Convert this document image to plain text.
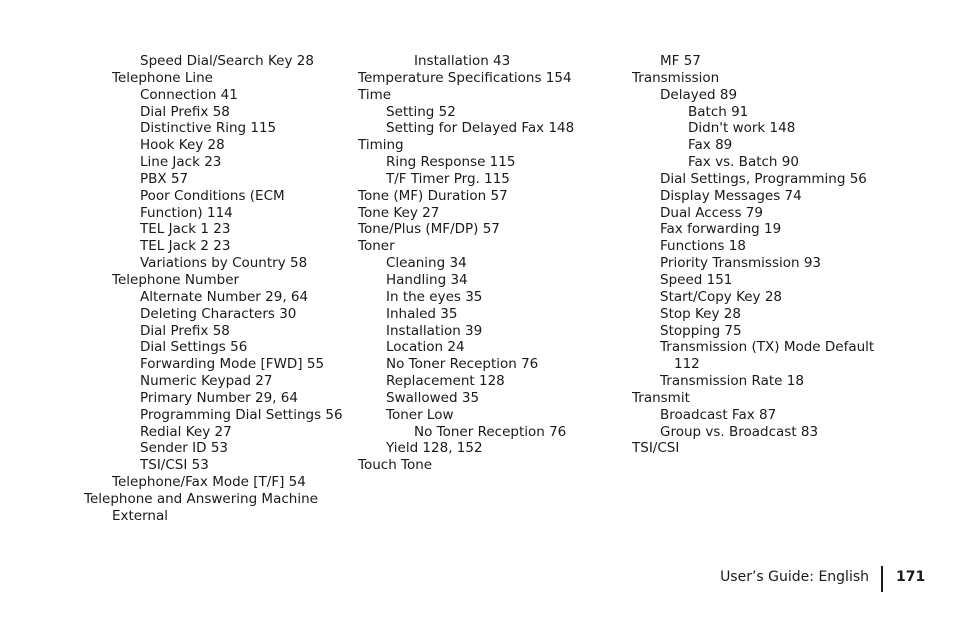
Speed Dial/Search Key 28
Telephone Line
Connection 41
Dial Prefix 58
Distinctive Ring 115
Hook Key 28
Line Jack 23
PBX 57
Poor Conditions (ECM
Function) 114
TEL Jack 1 23
TEL Jack 2 23
Variations by Country 58
Telephone Number
Alternate Number 29, 64
Deleting Characters 30
Dial Prefix 58
Dial Settings 56
Forwarding Mode [FWD] 55
Numeric Keypad 27
Primary Number 29, 64
Programming Dial Settings 56
Redial Key 27
Sender ID 53
TSI/CSI 53
Telephone/Fax Mode [T/F] 54
Telephone and Answering Machine
External
Installation 43
Temperature Specifications 154
Time
Setting 52
Setting for Delayed Fax 148
Timing
Ring Response 115
T/F Timer Prg. 115
Tone (MF) Duration 57
Tone Key 27
Tone/Plus (MF/DP) 57
Toner
Cleaning 34
Handling 34
In the eyes 35
Inhaled 35
Installation 39
Location 24
No Toner Reception 76
Replacement 128
Swallowed 35
Toner Low
No Toner Reception 76
Yield 128, 152
Touch Tone
MF 57
Transmission
Delayed 89
Batch 91
Didn't work 148
Fax 89
Fax vs. Batch 90
Dial Settings, Programming 56
Display Messages 74
Dual Access 79
Fax forwarding 19
Functions 18
Priority Transmission 93
Speed 151
Start/Copy Key 28
Stop Key 28
Stopping 75
Transmission (TX) Mode Default
112
Transmission Rate 18
Transmit
Broadcast Fax 87
Group vs. Broadcast 83
TSI/CSI
User’s Guide: English 171
